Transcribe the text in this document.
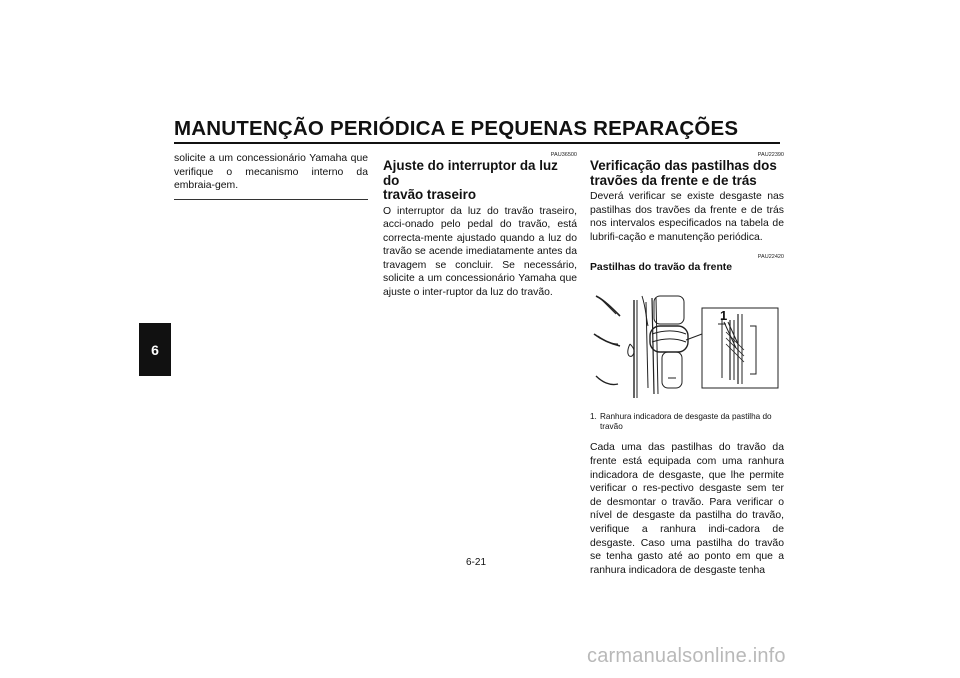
MANUTENÇÃO PERIÓDICA E PEQUENAS REPARAÇÕES
6

solicite a um concessionário Yamaha que verifique o mecanismo interno da embraia-gem.

PAU36500
Ajuste do interruptor da luz do
travão traseiro

O interruptor da luz do travão traseiro, acci-onado pelo pedal do travão, está correcta-mente ajustado quando a luz do travão se acende imediatamente antes da travagem se concluir. Se necessário, solicite a um concessionário Yamaha que ajuste o inter-ruptor da luz do travão.

PAU22390
Verificação das pastilhas dos
travões da frente e de trás

Deverá verificar se existe desgaste nas pastilhas dos travões da frente e de trás nos intervalos especificados na tabela de lubrifi-cação e manutenção periódica.

PAU22420
Pastilhas do travão da frente
1
1. Ranhura indicadora de desgaste da pastilha do travão

Cada uma das pastilhas do travão da frente está equipada com uma ranhura indicadora de desgaste, que lhe permite verificar o res-pectivo desgaste sem ter de desmontar o travão. Para verificar o nível de desgaste da pastilha do travão, verifique a ranhura indi-cadora de desgaste. Caso uma pastilha do travão se tenha gasto até ao ponto em que a ranhura indicadora de desgaste tenha

6-21
carmanualsonline.info
